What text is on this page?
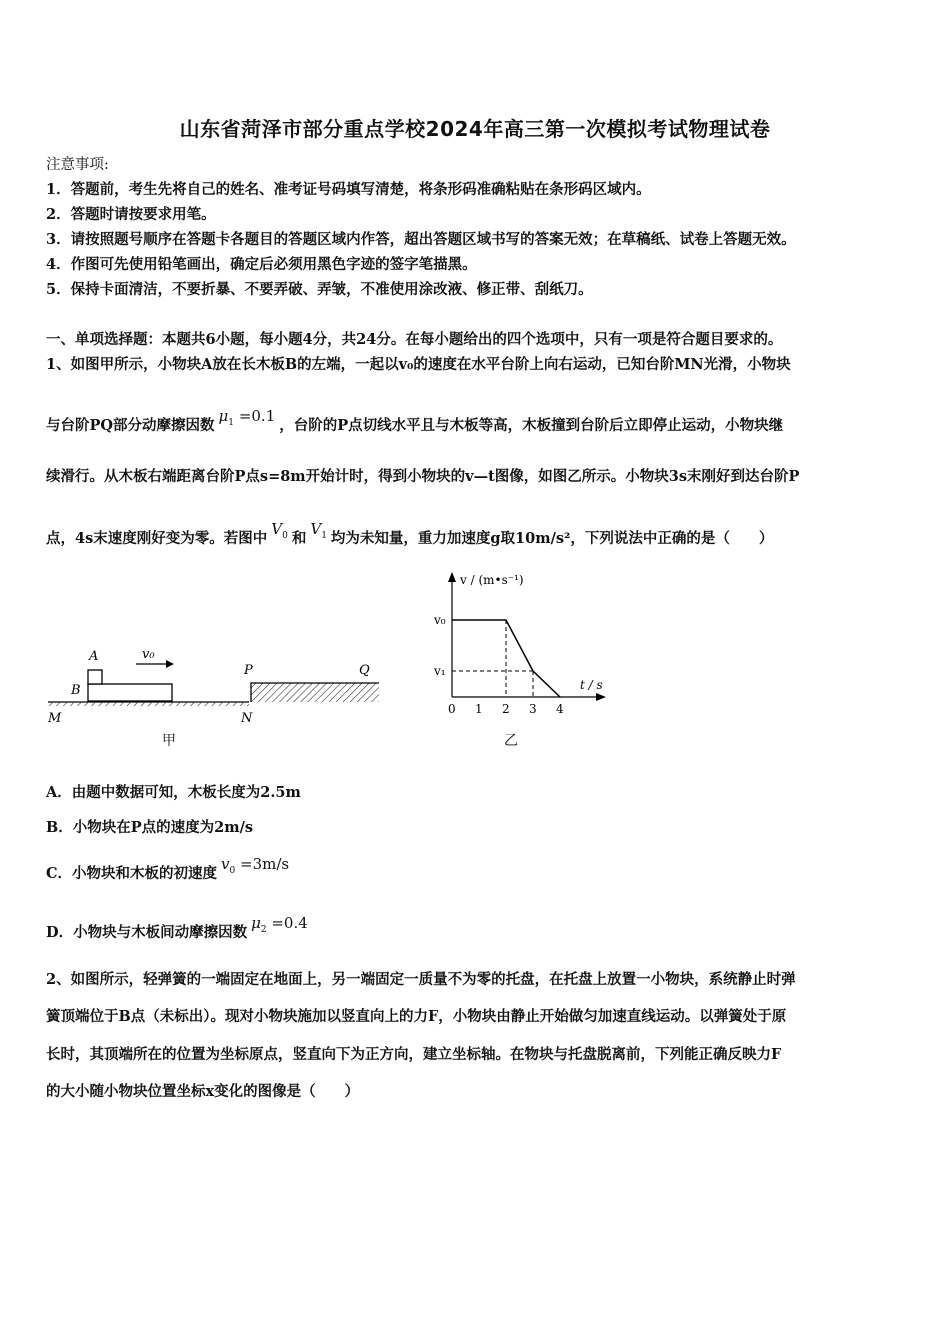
山东省菏泽市部分重点学校2024年高三第一次模拟考试物理试卷
注意事项:
1．答题前，考生先将自己的姓名、准考证号码填写清楚，将条形码准确粘贴在条形码区域内。
2．答题时请按要求用笔。
3．请按照题号顺序在答题卡各题目的答题区域内作答，超出答题区域书写的答案无效；在草稿纸、试卷上答题无效。
4．作图可先使用铅笔画出，确定后必须用黑色字迹的签字笔描黑。
5．保持卡面清洁，不要折暴、不要弄破、弄皱，不准使用涂改液、修正带、刮纸刀。
一、单项选择题：本题共6小题，每小题4分，共24分。在每小题给出的四个选项中，只有一项是符合题目要求的。
1、如图甲所示，小物块A放在长木板B的左端，一起以v₀的速度在水平台阶上向右运动，已知台阶MN光滑，小物块
与台阶PQ部分动摩擦因数$\mu_1 =0.1$，台阶的P点切线水平且与木板等高，木板撞到台阶后立即停止运动，小物块继
续滑行。从木板右端距离台阶P点s=8m开始计时，得到小物块的v—t图像，如图乙所示。小物块3s末刚好到达台阶P
点，4s末速度刚好变为零。若图中$V_0$ 和$V_1$ 均为未知量，重力加速度g取10m/s²，下列说法中正确的是（　　）
A
B
v₀
M	N
P	Q
甲
v₀
v₁
0 1 2 3 4
v / (m•s⁻¹)
t / s
乙
A．由题中数据可知，木板长度为2.5m
B．小物块在P点的速度为2m/s
C．小物块和木板的初速度$v_0 =3m/s$
D．小物块与木板间动摩擦因数$\mu_2 =0.4$
2、如图所示，轻弹簧的一端固定在地面上，另一端固定一质量不为零的托盘，在托盘上放置一小物块，系统静止时弹
簧顶端位于B点（未标出）。现对小物块施加以竖直向上的力F，小物块由静止开始做匀加速直线运动。以弹簧处于原
长时，其顶端所在的位置为坐标原点，竖直向下为正方向，建立坐标轴。在物块与托盘脱离前，下列能正确反映力F
的大小随小物块位置坐标x变化的图像是（　　）
